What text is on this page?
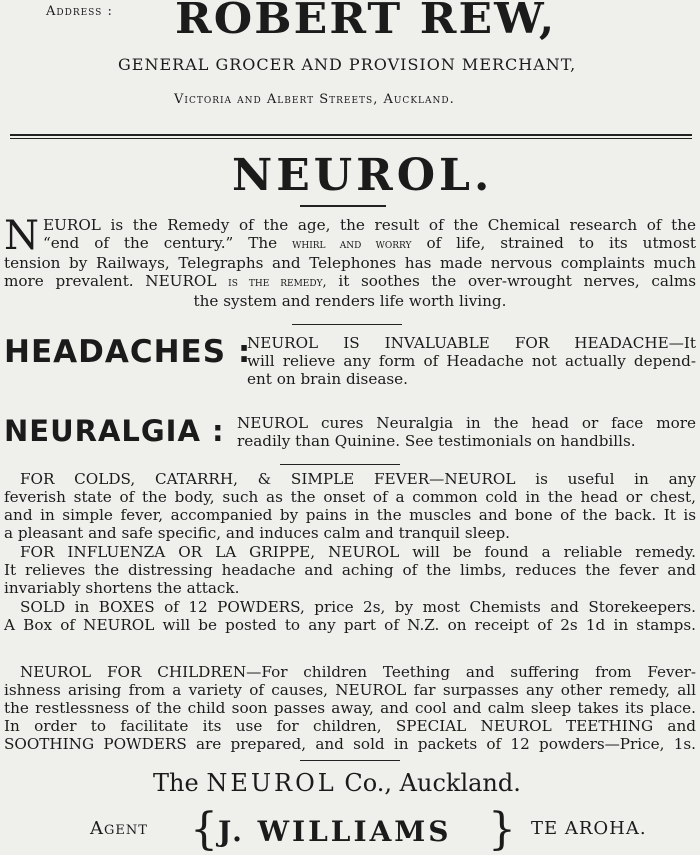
Address : ROBERT REW,
GENERAL GROCER AND PROVISION MERCHANT,
Victoria and Albert Streets, Auckland.
NEUROL.
N EUROL is the Remedy of the age, the result of the Chemical research of the
“end of the century.” The whirl and worry of life, strained to its utmost
tension by Railways, Telegraphs and Telephones has made nervous complaints much
more prevalent. NEUROL is the remedy, it soothes the over-wrought nerves, calms
the system and renders life worth living.
HEADACHES :
NEUROL IS INVALUABLE FOR HEADACHE—It
will relieve any form of Headache not actually depend-
ent on brain disease.
NEURALGIA : NEUROL cures Neuralgia in the head or face more
readily than Quinine. See testimonials on handbills.
FOR COLDS, CATARRH, & SIMPLE FEVER—NEUROL is useful in any
feverish state of the body, such as the onset of a common cold in the head or chest,
and in simple fever, accompanied by pains in the muscles and bone of the back. It is
a pleasant and safe specific, and induces calm and tranquil sleep.
FOR INFLUENZA OR LA GRIPPE, NEUROL will be found a reliable remedy.
It relieves the distressing headache and aching of the limbs, reduces the fever and
invariably shortens the attack.
SOLD in BOXES of 12 POWDERS, price 2s, by most Chemists and Storekeepers.
A Box of NEUROL will be posted to any part of N.Z. on receipt of 2s 1d in stamps.
NEUROL FOR CHILDREN—For children Teething and suffering from Fever-
ishness arising from a variety of causes, NEUROL far surpasses any other remedy, all
the restlessness of the child soon passes away, and cool and calm sleep takes its place.
In order to facilitate its use for children, SPECIAL NEUROL TEETHING and
SOOTHING POWDERS are prepared, and sold in packets of 12 powders—Price, 1s.
The NEUROL Co., Auckland.
Agent { J. WILLIAMS } TE AROHA.
